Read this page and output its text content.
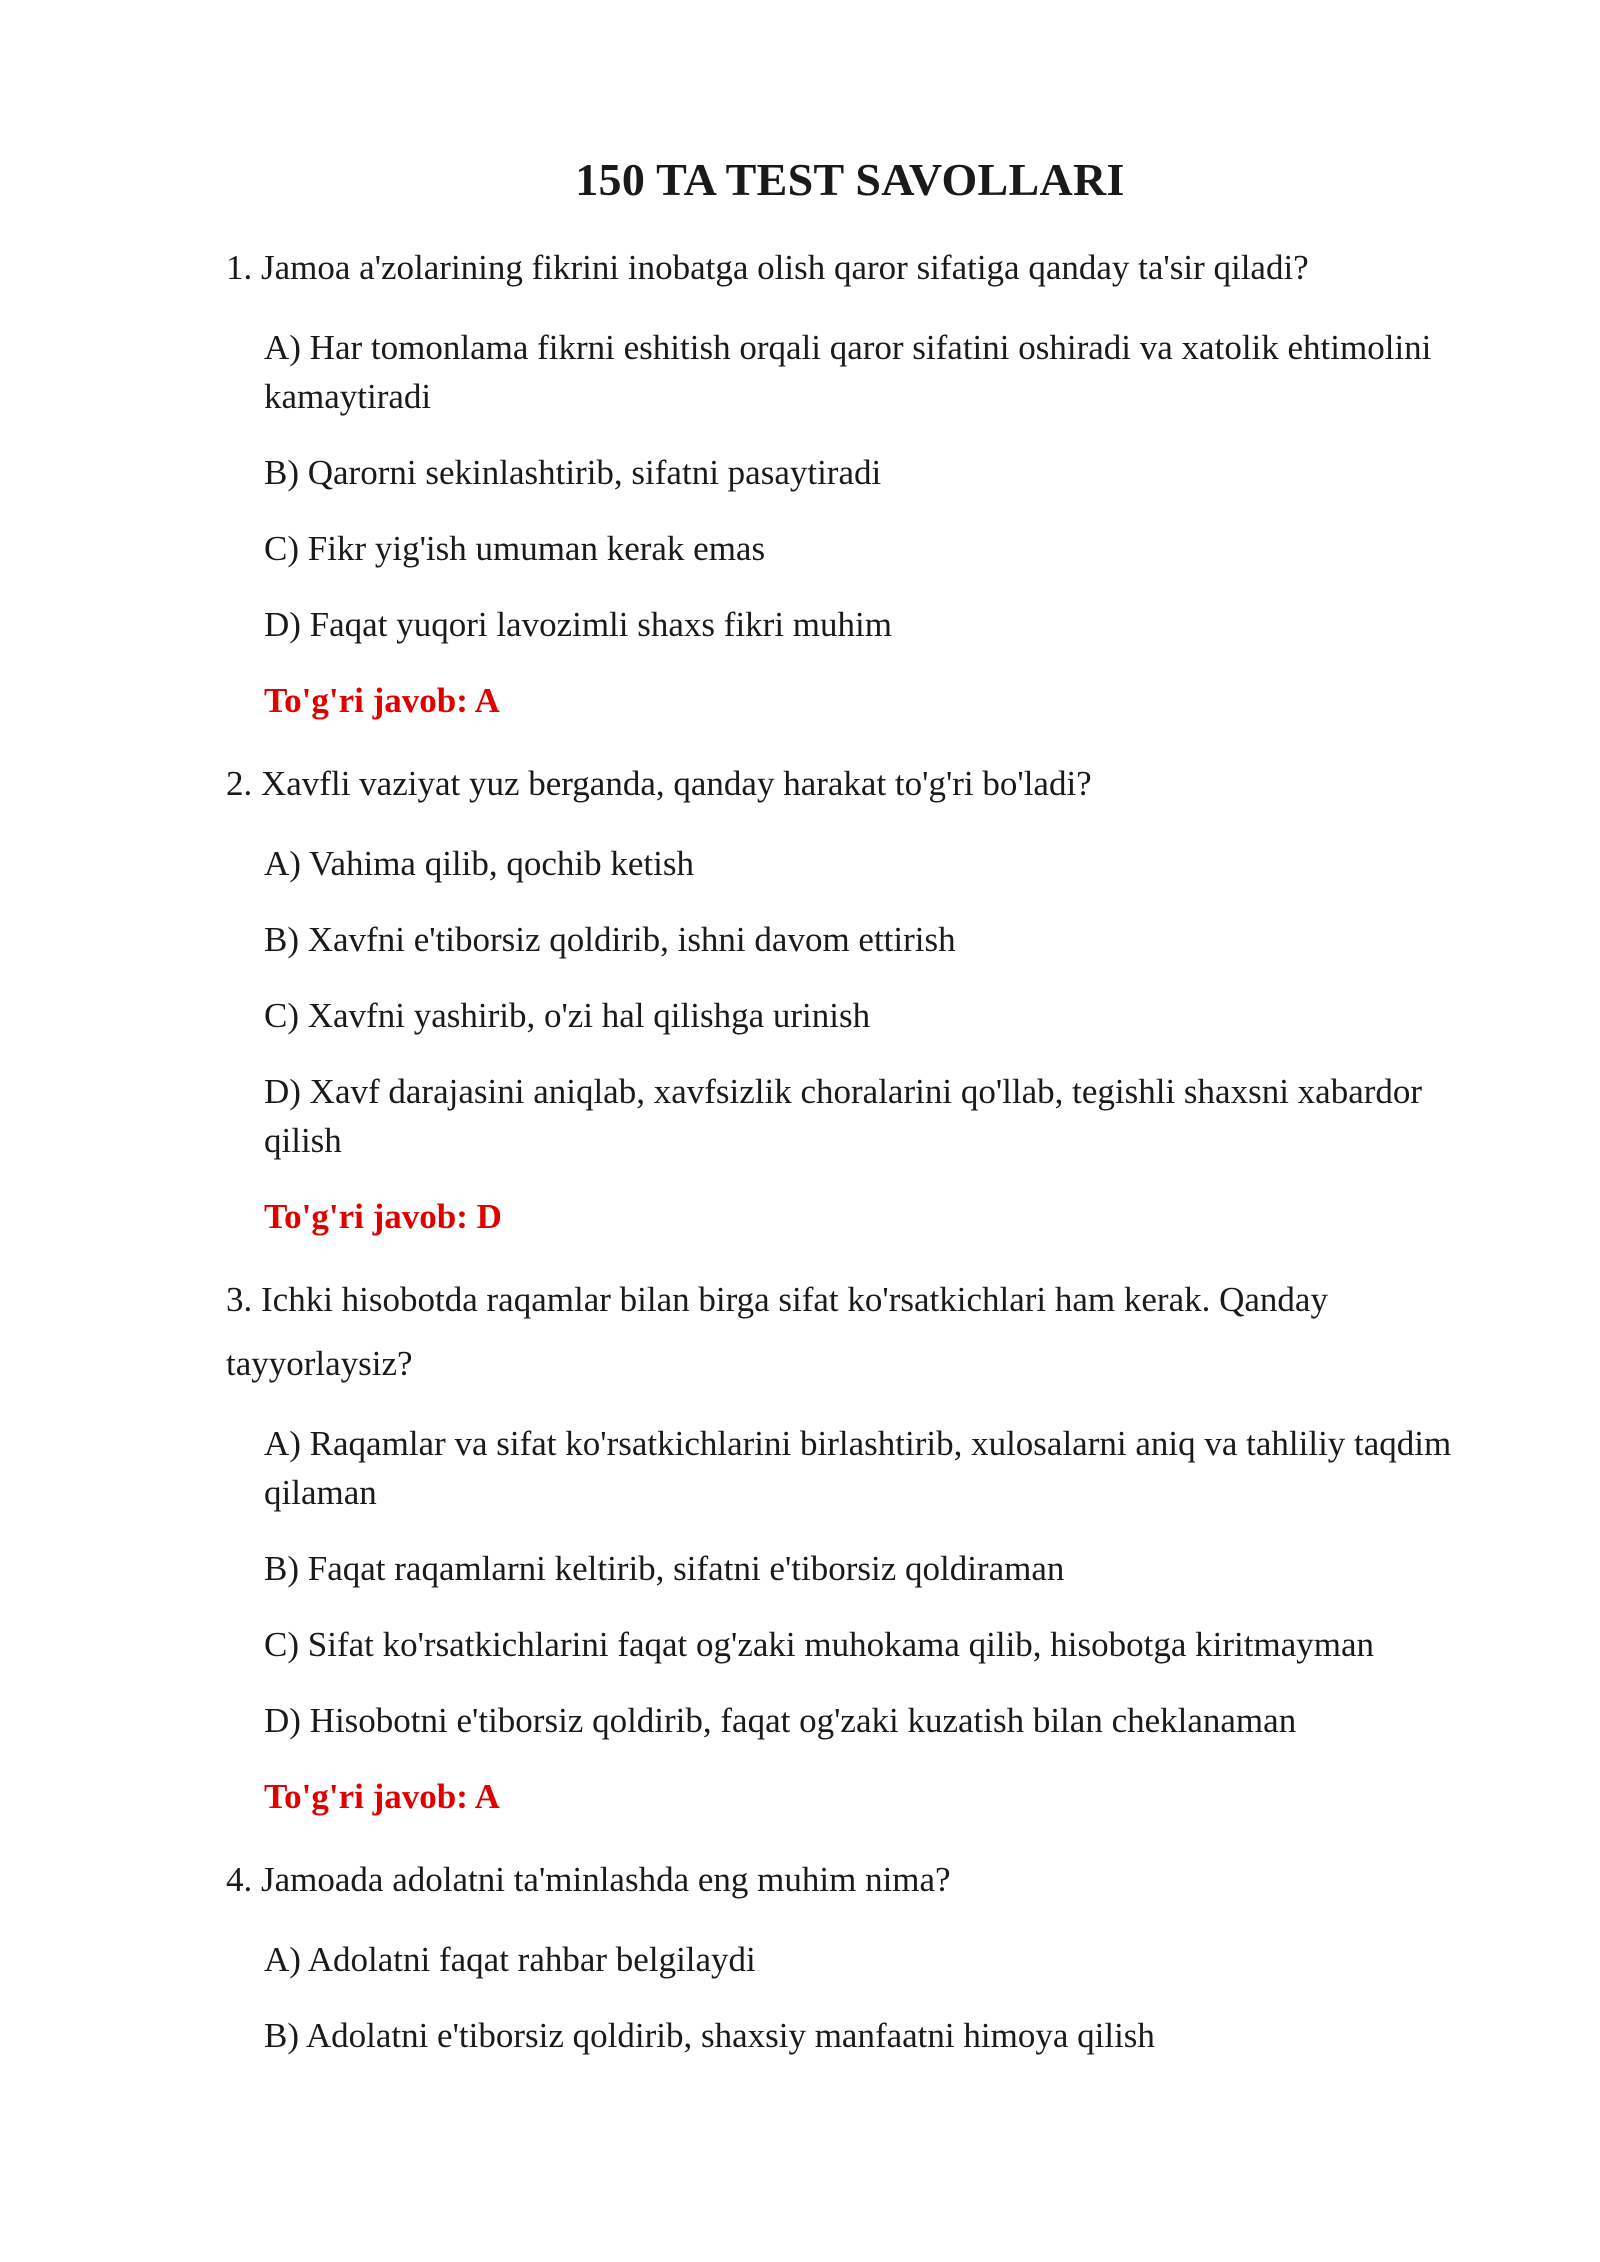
150 TA TEST SAVOLLARI
1. Jamoa a'zolarining fikrini inobatga olish qaror sifatiga qanday ta'sir qiladi?
A) Har tomonlama fikrni eshitish orqali qaror sifatini oshiradi va xatolik ehtimolini kamaytiradi
B) Qarorni sekinlashtirib, sifatni pasaytiradi
C) Fikr yig'ish umuman kerak emas
D) Faqat yuqori lavozimli shaxs fikri muhim
To'g'ri javob: A
2. Xavfli vaziyat yuz berganda, qanday harakat to'g'ri bo'ladi?
A) Vahima qilib, qochib ketish
B) Xavfni e'tiborsiz qoldirib, ishni davom ettirish
C) Xavfni yashirib, o'zi hal qilishga urinish
D) Xavf darajasini aniqlab, xavfsizlik choralarini qo'llab, tegishli shaxsni xabardor qilish
To'g'ri javob: D
3. Ichki hisobotda raqamlar bilan birga sifat ko'rsatkichlari ham kerak. Qanday tayyorlaysiz?
A) Raqamlar va sifat ko'rsatkichlarini birlashtirib, xulosalarni aniq va tahliliy taqdim qilaman
B) Faqat raqamlarni keltirib, sifatni e'tiborsiz qoldiraman
C) Sifat ko'rsatkichlarini faqat og'zaki muhokama qilib, hisobotga kiritmayman
D) Hisobotni e'tiborsiz qoldirib, faqat og'zaki kuzatish bilan cheklanaman
To'g'ri javob: A
4. Jamoada adolatni ta'minlashda eng muhim nima?
A) Adolatni faqat rahbar belgilaydi
B) Adolatni e'tiborsiz qoldirib, shaxsiy manfaatni himoya qilish
